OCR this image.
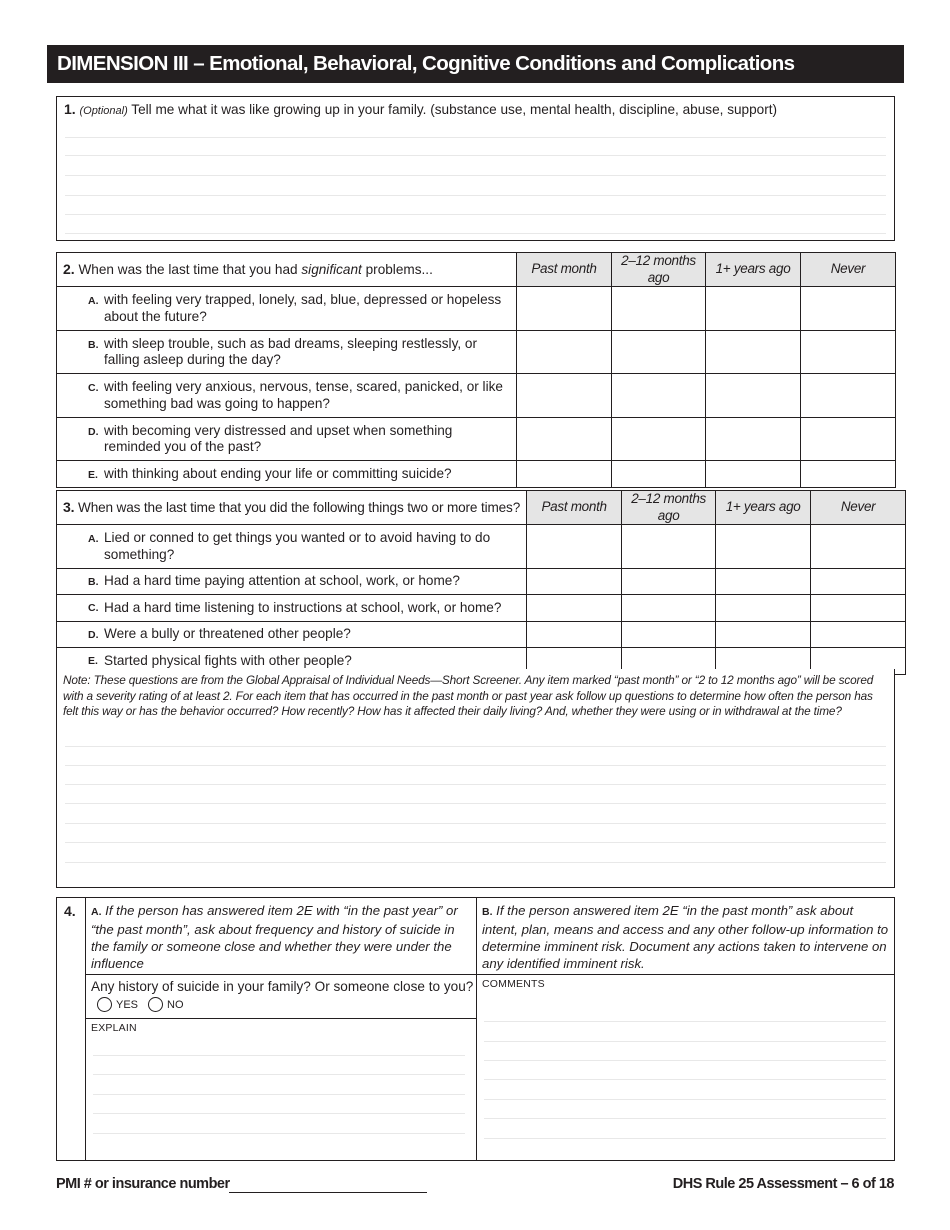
DIMENSION III – Emotional, Behavioral, Cognitive Conditions and Complications
1. (Optional) Tell me what it was like growing up in your family. (substance use, mental health, discipline, abuse, support)
2. When was the last time that you had significant problems...	Past month	2–12 months ago	1+ years ago	Never

A. with feeling very trapped, lonely, sad, blue, depressed or hopeless about the future?				

B. with sleep trouble, such as bad dreams, sleeping restlessly, or falling asleep during the day?				

C. with feeling very anxious, nervous, tense, scared, panicked, or like something bad was going to happen?				

D. with becoming very distressed and upset when something reminded you of the past?				

E. with thinking about ending your life or committing suicide?				

3. When was the last time that you did the following things two or more times?	Past month	2–12 months ago	1+ years ago	Never

A. Lied or conned to get things you wanted or to avoid having to do something?				

B. Had a hard time paying attention at school, work, or home?				

C. Had a hard time listening to instructions at school, work, or home?				

D. Were a bully or threatened other people?				

E. Started physical fights with other people?				

Note: These questions are from the Global Appraisal of Individual Needs—Short Screener. Any item marked “past month” or “2 to 12 months ago” will be scored with a severity rating of at least 2. For each item that has occurred in the past month or past year ask follow up questions to determine how often the person has felt this way or has the behavior occurred? How recently? How has it affected their daily living? And, whether they were using or in withdrawal at the time?
4. A. If the person has answered item 2E with “in the past year” or “the past month”, ask about frequency and history of suicide in the family or someone close and whether they were under the influence
B. If the person answered item 2E “in the past month” ask about intent, plan, means and access and any other follow-up information to determine imminent risk. Document any actions taken to intervene on any identified imminent risk.
Any history of suicide in your family? Or someone close to you?
YES	NO
EXPLAIN
COMMENTS
PMI # or insurance number	DHS Rule 25 Assessment – 6 of 18
